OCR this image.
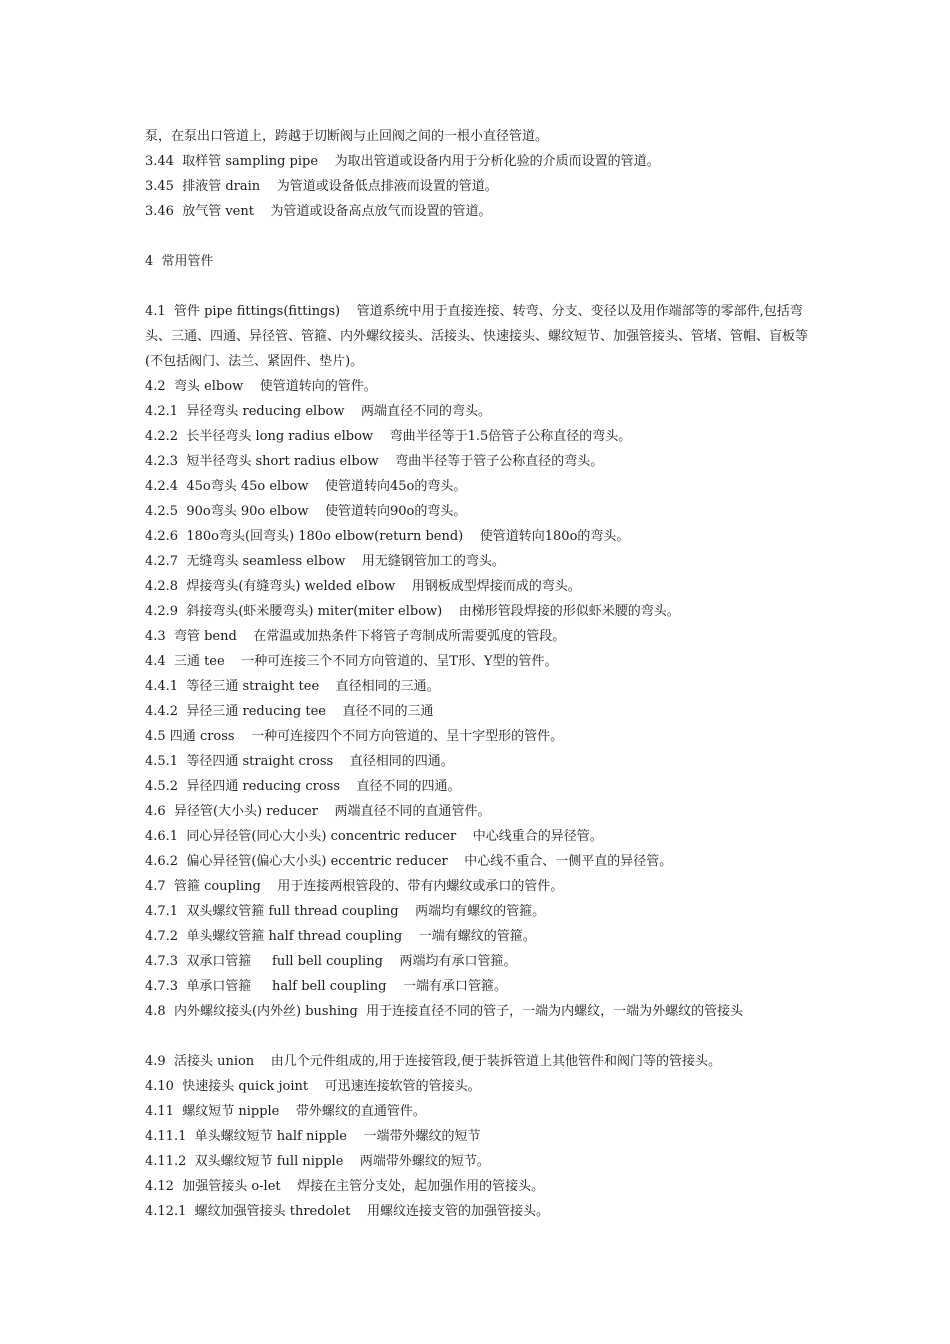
泵，在泵出口管道上，跨越于切断阀与止回阀之间的一根小直径管道。
3.44  取样管 sampling pipe    为取出管道或设备内用于分析化验的介质而设置的管道。
3.45  排液管 drain    为管道或设备低点排液而设置的管道。
3.46  放气管 vent    为管道或设备高点放气而设置的管道。
4  常用管件
4.1  管件 pipe fittings(fittings)    管道系统中用于直接连接、转弯、分支、变径以及用作端部等的零部件,包括弯头、三通、四通、异径管、管箍、内外螺纹接头、活接头、快速接头、螺纹短节、加强管接头、管堵、管帽、盲板等(不包括阀门、法兰、紧固件、垫片)。
4.2  弯头 elbow    使管道转向的管件。
4.2.1  异径弯头 reducing elbow    两端直径不同的弯头。
4.2.2  长半径弯头 long radius elbow    弯曲半径等于1.5倍管子公称直径的弯头。
4.2.3  短半径弯头 short radius elbow    弯曲半径等于管子公称直径的弯头。
4.2.4  45o弯头 45o elbow    使管道转向45o的弯头。
4.2.5  90o弯头 90o elbow    使管道转向90o的弯头。
4.2.6  180o弯头(回弯头) 180o elbow(return bend)    使管道转向180o的弯头。
4.2.7  无缝弯头 seamless elbow    用无缝钢管加工的弯头。
4.2.8  焊接弯头(有缝弯头) welded elbow    用钢板成型焊接而成的弯头。
4.2.9  斜接弯头(虾米腰弯头) miter(miter elbow)    由梯形管段焊接的形似虾米腰的弯头。
4.3  弯管 bend    在常温或加热条件下将管子弯制成所需要弧度的管段。
4.4  三通 tee    一种可连接三个不同方向管道的、呈T形、Y型的管件。
4.4.1  等径三通 straight tee    直径相同的三通。
4.4.2  异径三通 reducing tee    直径不同的三通
4.5 四通 cross    一种可连接四个不同方向管道的、呈十字型形的管件。
4.5.1  等径四通 straight cross    直径相同的四通。
4.5.2  异径四通 reducing cross    直径不同的四通。
4.6  异径管(大小头) reducer    两端直径不同的直通管件。
4.6.1  同心异径管(同心大小头) concentric reducer    中心线重合的异径管。
4.6.2  偏心异径管(偏心大小头) eccentric reducer    中心线不重合、一侧平直的异径管。
4.7  管箍 coupling    用于连接两根管段的、带有内螺纹或承口的管件。
4.7.1  双头螺纹管箍 full thread coupling    两端均有螺纹的管箍。
4.7.2  单头螺纹管箍 half thread coupling    一端有螺纹的管箍。
4.7.3  双承口管箍     full bell coupling    两端均有承口管箍。
4.7.3  单承口管箍     half bell coupling    一端有承口管箍。
4.8  内外螺纹接头(内外丝) bushing  用于连接直径不同的管子，一端为内螺纹，一端为外螺纹的管接头
4.9  活接头 union    由几个元件组成的,用于连接管段,便于装拆管道上其他管件和阀门等的管接头。
4.10  快速接头 quick joint    可迅速连接软管的管接头。
4.11  螺纹短节 nipple    带外螺纹的直通管件。
4.11.1  单头螺纹短节 half nipple    一端带外螺纹的短节
4.11.2  双头螺纹短节 full nipple    两端带外螺纹的短节。
4.12  加强管接头 o-let    焊接在主管分支处，起加强作用的管接头。
4.12.1  螺纹加强管接头 thredolet    用螺纹连接支管的加强管接头。
